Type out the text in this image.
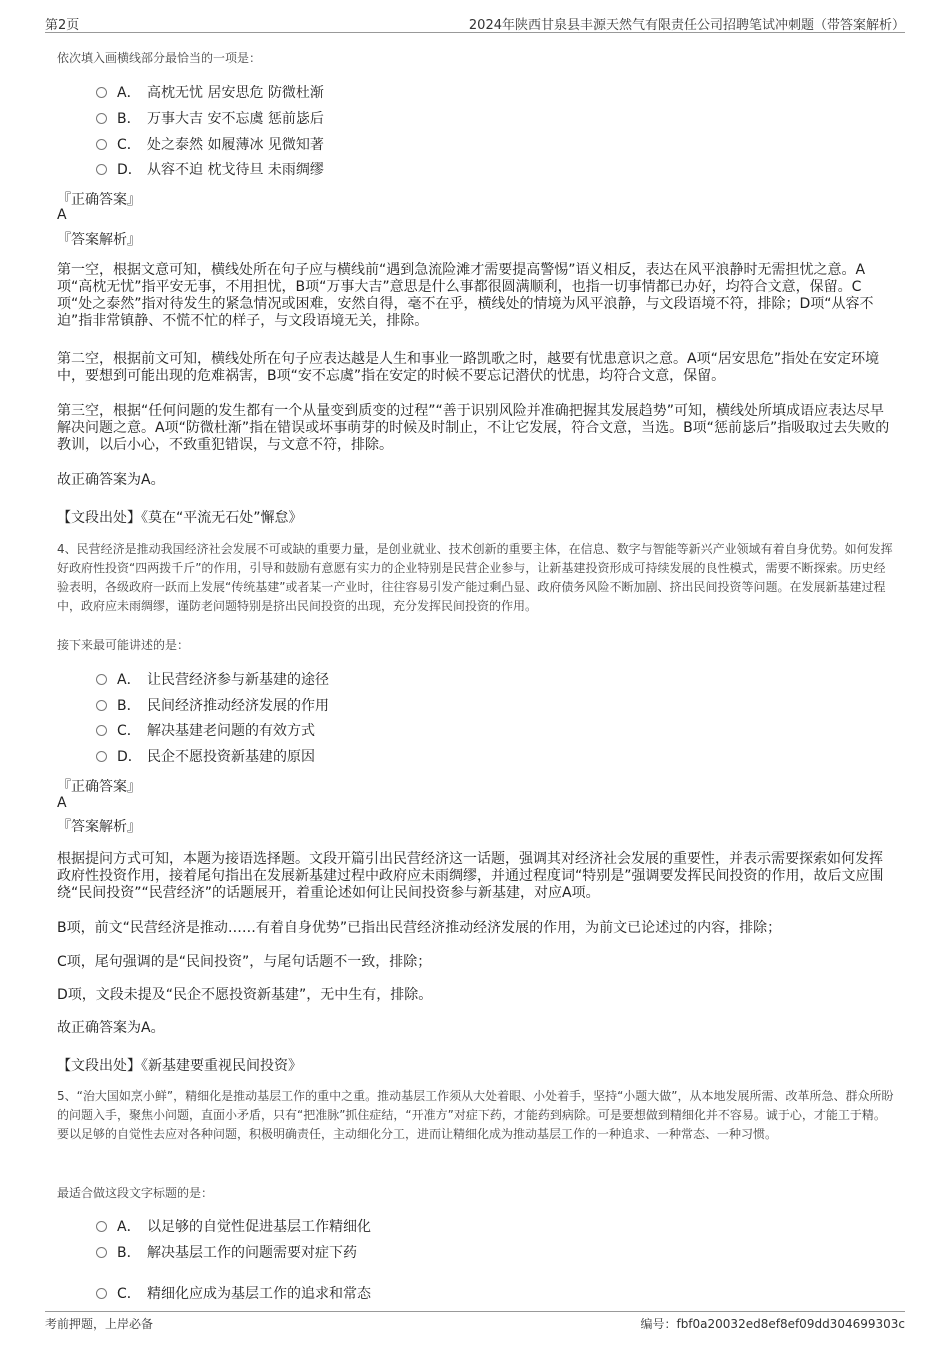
第2页	2024年陕西甘泉县丰源天然气有限责任公司招聘笔试冲刺题（带答案解析）
依次填入画横线部分最恰当的一项是：
A． 高枕无忧 居安思危 防微杜渐
B． 万事大吉 安不忘虞 惩前毖后
C． 处之泰然 如履薄冰 见微知著
D． 从容不迫 枕戈待旦 未雨绸缪
『正确答案』
A
『答案解析』
第一空，根据文意可知，横线处所在句子应与横线前“遇到急流险滩才需要提高警惕”语义相反，表达在风平浪静时无需担忧之意。A项“高枕无忧”指平安无事，不用担忧，B项“万事大吉”意思是什么事都很圆满顺利，也指一切事情都已办好，均符合文意，保留。C项“处之泰然”指对待发生的紧急情况或困难，安然自得，毫不在乎，横线处的情境为风平浪静，与文段语境不符，排除；D项“从容不迫”指非常镇静、不慌不忙的样子，与文段语境无关，排除。
第二空，根据前文可知，横线处所在句子应表达越是人生和事业一路凯歌之时，越要有忧患意识之意。A项“居安思危”指处在安定环境中，要想到可能出现的危难祸害，B项“安不忘虞”指在安定的时候不要忘记潜伏的忧患，均符合文意，保留。
第三空，根据“任何问题的发生都有一个从量变到质变的过程”“善于识别风险并准确把握其发展趋势”可知，横线处所填成语应表达尽早解决问题之意。A项“防微杜渐”指在错误或坏事萌芽的时候及时制止，不让它发展，符合文意，当选。B项“惩前毖后”指吸取过去失败的教训，以后小心，不致重犯错误，与文意不符，排除。
故正确答案为A。
【文段出处】《莫在“平流无石处”懈怠》
4、民营经济是推动我国经济社会发展不可或缺的重要力量，是创业就业、技术创新的重要主体，在信息、数字与智能等新兴产业领域有着自身优势。如何发挥好政府性投资“四两拨千斤”的作用，引导和鼓励有意愿有实力的企业特别是民营企业参与，让新基建投资形成可持续发展的良性模式，需要不断探索。历史经验表明，各级政府一跃而上发展“传统基建”或者某一产业时，往往容易引发产能过剩凸显、政府债务风险不断加剧、挤出民间投资等问题。在发展新基建过程中，政府应未雨绸缪，谨防老问题特别是挤出民间投资的出现，充分发挥民间投资的作用。
接下来最可能讲述的是：
A． 让民营经济参与新基建的途径
B． 民间经济推动经济发展的作用
C． 解决基建老问题的有效方式
D． 民企不愿投资新基建的原因
『正确答案』
A
『答案解析』
根据提问方式可知，本题为接语选择题。文段开篇引出民营经济这一话题，强调其对经济社会发展的重要性，并表示需要探索如何发挥政府性投资作用，接着尾句指出在发展新基建过程中政府应未雨绸缪，并通过程度词“特别是”强调要发挥民间投资的作用，故后文应围绕“民间投资”“民营经济”的话题展开，着重论述如何让民间投资参与新基建，对应A项。
B项，前文“民营经济是推动……有着自身优势”已指出民营经济推动经济发展的作用，为前文已论述过的内容，排除；
C项，尾句强调的是“民间投资”，与尾句话题不一致，排除；
D项，文段未提及“民企不愿投资新基建”，无中生有，排除。
故正确答案为A。
【文段出处】《新基建要重视民间投资》
5、“治大国如烹小鲜”，精细化是推动基层工作的重中之重。推动基层工作须从大处着眼、小处着手，坚持“小题大做”，从本地发展所需、改革所急、群众所盼的问题入手，聚焦小问题，直面小矛盾，只有“把准脉”抓住症结，“开准方”对症下药，才能药到病除。可是要想做到精细化并不容易。诚于心，才能工于精。要以足够的自觉性去应对各种问题，积极明确责任，主动细化分工，进而让精细化成为推动基层工作的一种追求、一种常态、一种习惯。
最适合做这段文字标题的是：
A． 以足够的自觉性促进基层工作精细化
B． 解决基层工作的问题需要对症下药
C． 精细化应成为基层工作的追求和常态
考前押题，上岸必备	编号：fbf0a20032ed8ef8ef09dd304699303c
